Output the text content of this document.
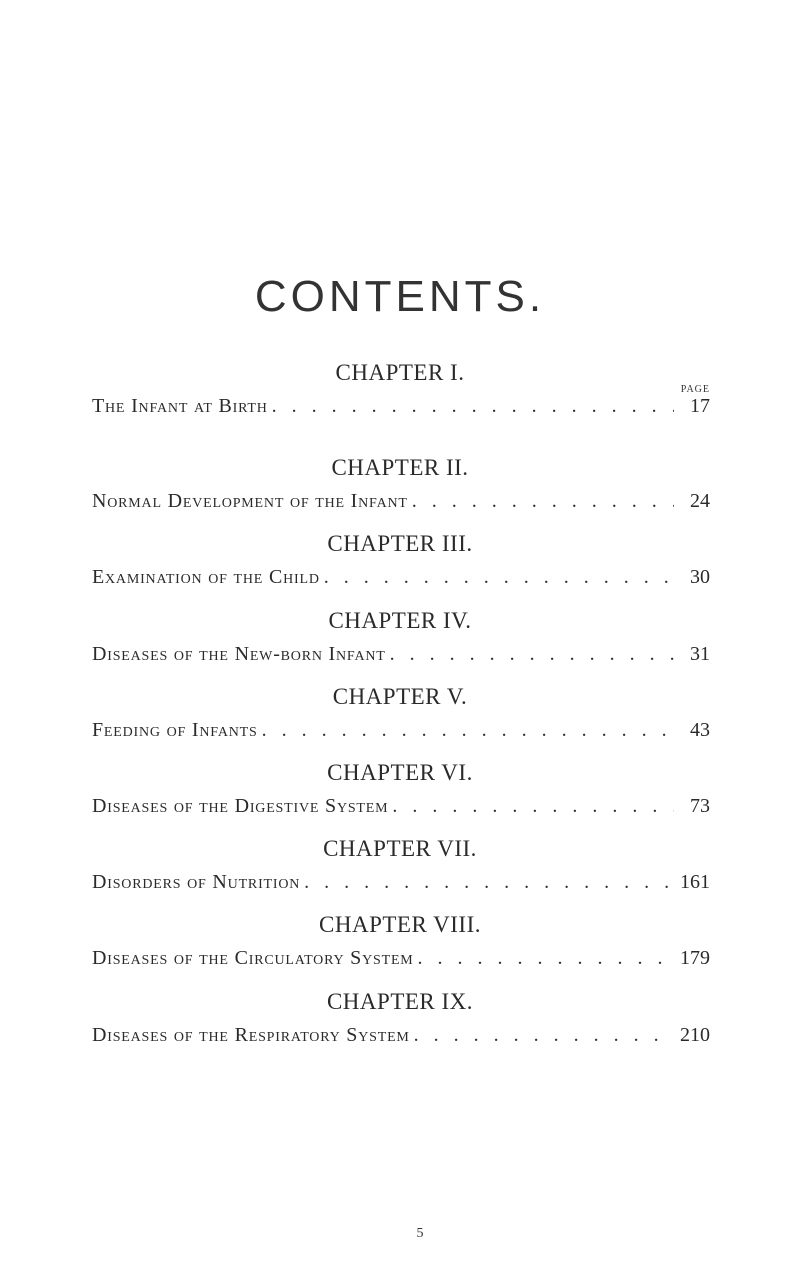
CONTENTS.
PAGE
CHAPTER I.
The Infant at Birth . . .	17
CHAPTER II.
Normal Development of the Infant . . .	24
CHAPTER III.
Examination of the Child . . .	30
CHAPTER IV.
Diseases of the New-born Infant . . .	31
CHAPTER V.
Feeding of Infants . . .	43
CHAPTER VI.
Diseases of the Digestive System . . .	73
CHAPTER VII.
Disorders of Nutrition . . .	161
CHAPTER VIII.
Diseases of the Circulatory System . . .	179
CHAPTER IX.
Diseases of the Respiratory System . . .	210
5
